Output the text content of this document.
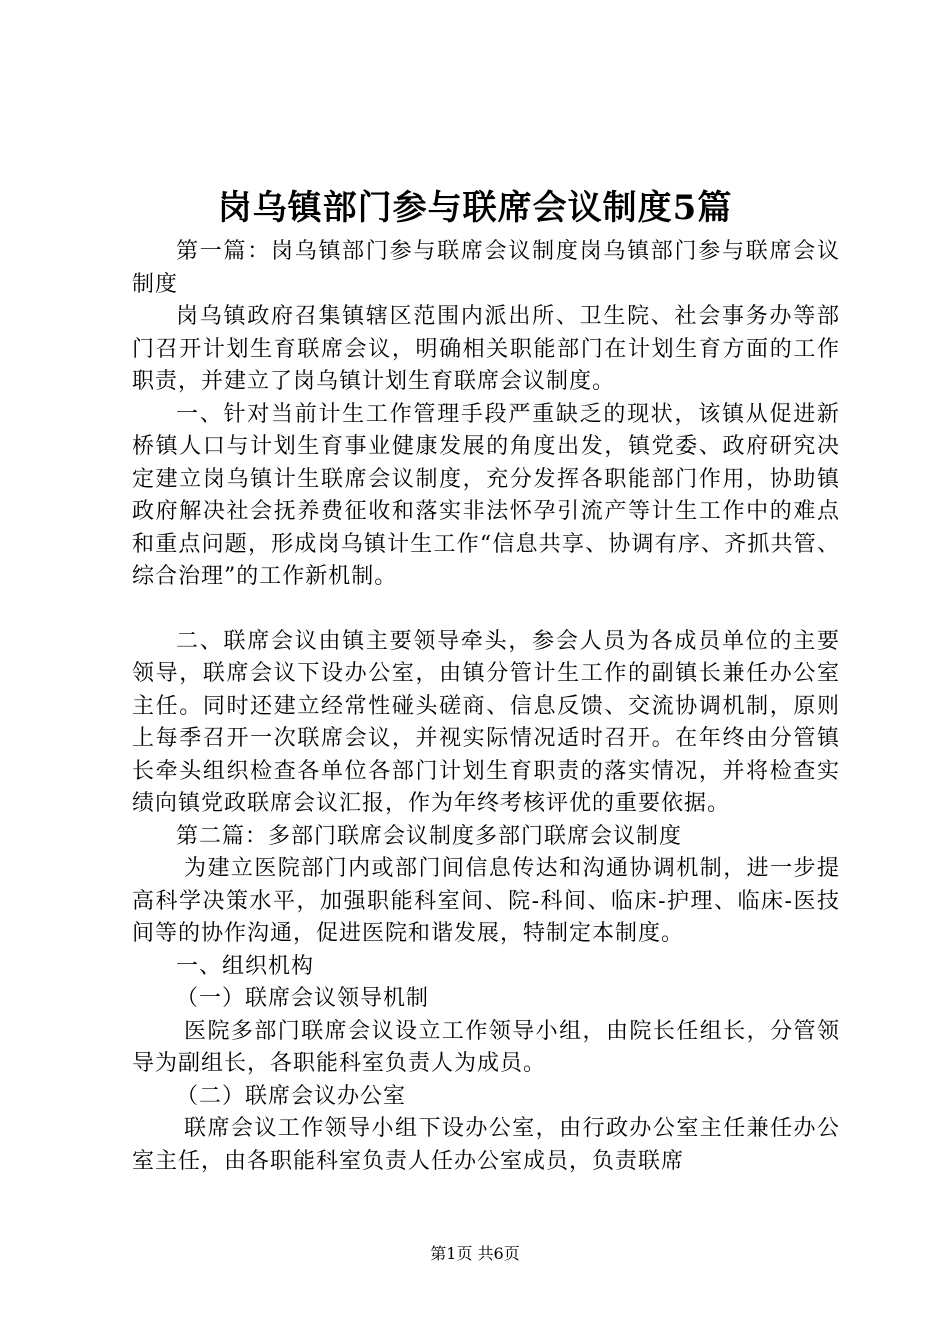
岗乌镇部门参与联席会议制度5篇

第一篇：岗乌镇部门参与联席会议制度岗乌镇部门参与联席会议制度

岗乌镇政府召集镇辖区范围内派出所、卫生院、社会事务办等部门召开计划生育联席会议，明确相关职能部门在计划生育方面的工作职责，并建立了岗乌镇计划生育联席会议制度。

一、针对当前计生工作管理手段严重缺乏的现状，该镇从促进新桥镇人口与计划生育事业健康发展的角度出发，镇党委、政府研究决定建立岗乌镇计生联席会议制度，充分发挥各职能部门作用，协助镇政府解决社会抚养费征收和落实非法怀孕引流产等计生工作中的难点和重点问题，形成岗乌镇计生工作“信息共享、协调有序、齐抓共管、综合治理”的工作新机制。

二、联席会议由镇主要领导牵头，参会人员为各成员单位的主要领导，联席会议下设办公室，由镇分管计生工作的副镇长兼任办公室主任。同时还建立经常性碰头磋商、信息反馈、交流协调机制，原则上每季召开一次联席会议，并视实际情况适时召开。在年终由分管镇长牵头组织检查各单位各部门计划生育职责的落实情况，并将检查实绩向镇党政联席会议汇报，作为年终考核评优的重要依据。

第二篇：多部门联席会议制度多部门联席会议制度

为建立医院部门内或部门间信息传达和沟通协调机制，进一步提高科学决策水平，加强职能科室间、院-科间、临床-护理、临床-医技间等的协作沟通，促进医院和谐发展，特制定本制度。

一、组织机构

（一）联席会议领导机制

医院多部门联席会议设立工作领导小组，由院长任组长，分管领导为副组长，各职能科室负责人为成员。

（二）联席会议办公室

联席会议工作领导小组下设办公室，由行政办公室主任兼任办公室主任，由各职能科室负责人任办公室成员，负责联席

第1页 共6页
